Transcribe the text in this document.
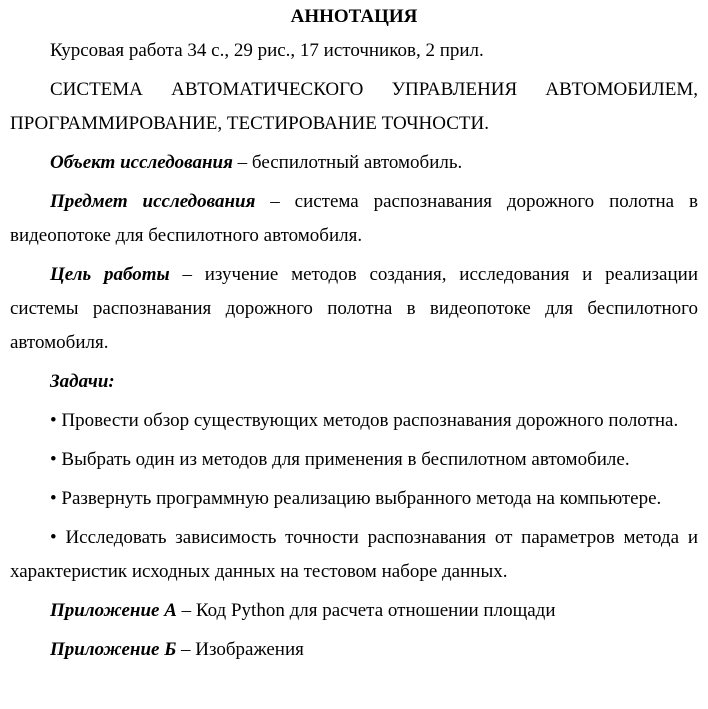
АННОТАЦИЯ

Курсовая работа 34 с., 29 рис., 17 источников, 2 прил.

СИСТЕМА АВТОМАТИЧЕСКОГО УПРАВЛЕНИЯ АВТОМОБИЛЕМ,

ПРОГРАММИРОВАНИЕ, ТЕСТИРОВАНИЕ ТОЧНОСТИ.

Объект исследования – беспилотный автомобиль.

Предмет исследования – система распознавания дорожного полотна в видеопотоке для беспилотного автомобиля.

Цель работы – изучение методов создания, исследования и реализации системы распознавания дорожного полотна в видеопотоке для беспилотного автомобиля.

Задачи:

• Провести обзор существующих методов распознавания дорожного полотна.

• Выбрать один из методов для применения в беспилотном автомобиле.

• Развернуть программную реализацию выбранного метода на компьютере.

• Исследовать зависимость точности распознавания от параметров метода и характеристик исходных данных на тестовом наборе данных.

Приложение А – Код Python для расчета отношении площади

Приложение Б – Изображения
